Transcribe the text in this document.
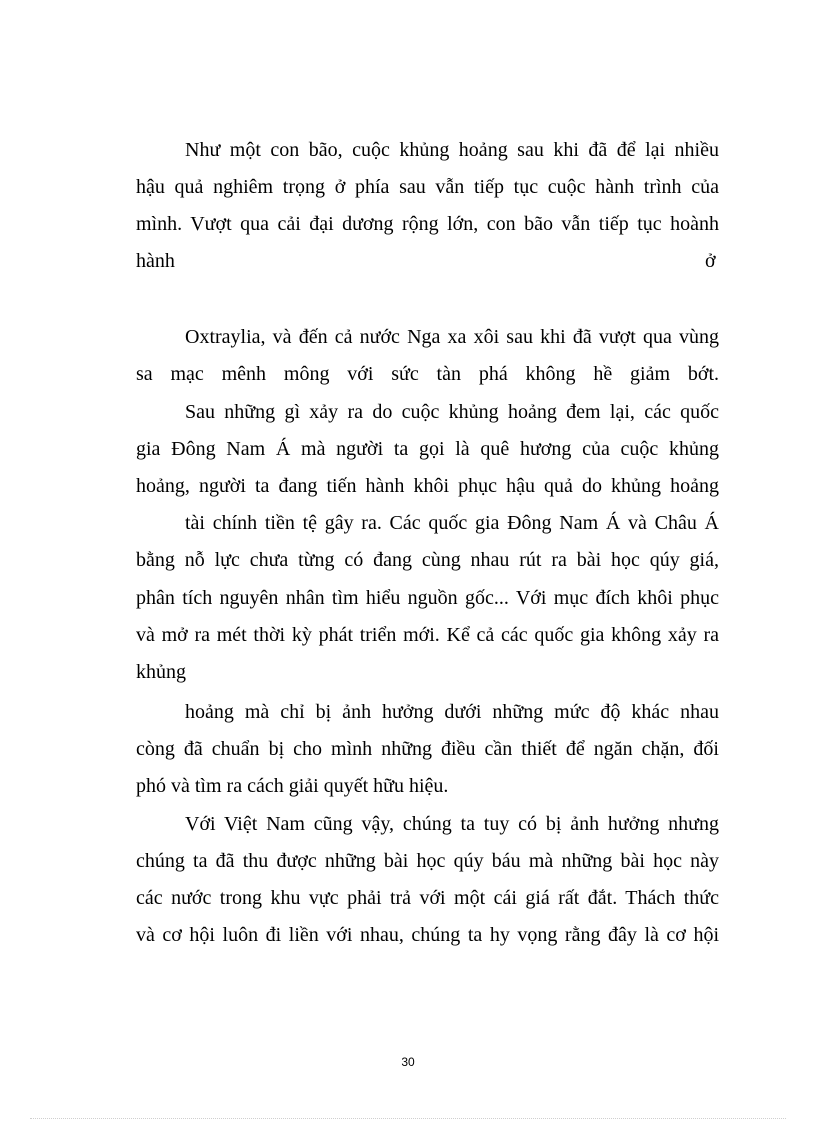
Như một con bão, cuộc khủng hoảng sau khi đã để lại nhiều
hậu quả nghiêm trọng ở phía sau vẫn tiếp tục cuộc hành trình của
mình. Vượt qua cải đại dương rộng lớn, con bão vẫn tiếp tục hoành
hành	ở
Oxtraylia, và đến cả nước Nga xa xôi sau khi đã vượt qua vùng
sa mạc mênh mông với sức tàn phá không hề giảm bớt.
Sau những gì xảy ra do cuộc khủng hoảng đem lại, các quốc
gia Đông Nam Á mà người ta gọi là quê hương của cuộc khủng
hoảng, người ta đang tiến hành khôi phục hậu quả do khủng hoảng
tài chính tiền tệ gây ra. Các quốc gia Đông Nam Á và Châu Á
bằng nỗ lực chưa từng có đang cùng nhau rút ra bài học qúy giá,
phân tích nguyên nhân tìm hiểu nguồn gốc... Với mục đích khôi phục
và mở ra mét thời kỳ phát triển mới. Kể cả các quốc gia không xảy ra
khủng
hoảng mà chỉ bị ảnh hưởng dưới những mức độ khác nhau
còng đã chuẩn bị cho mình những điều cần thiết để ngăn chặn, đối
phó và tìm ra cách giải quyết hữu hiệu.
Với Việt Nam cũng vậy, chúng ta tuy có bị ảnh hưởng nhưng
chúng ta đã thu được những bài học qúy báu mà những bài học này
các nước trong khu vực phải trả với một cái giá rất đắt. Thách thức
và cơ hội luôn đi liền với nhau, chúng ta hy vọng rằng đây là cơ hội
30
